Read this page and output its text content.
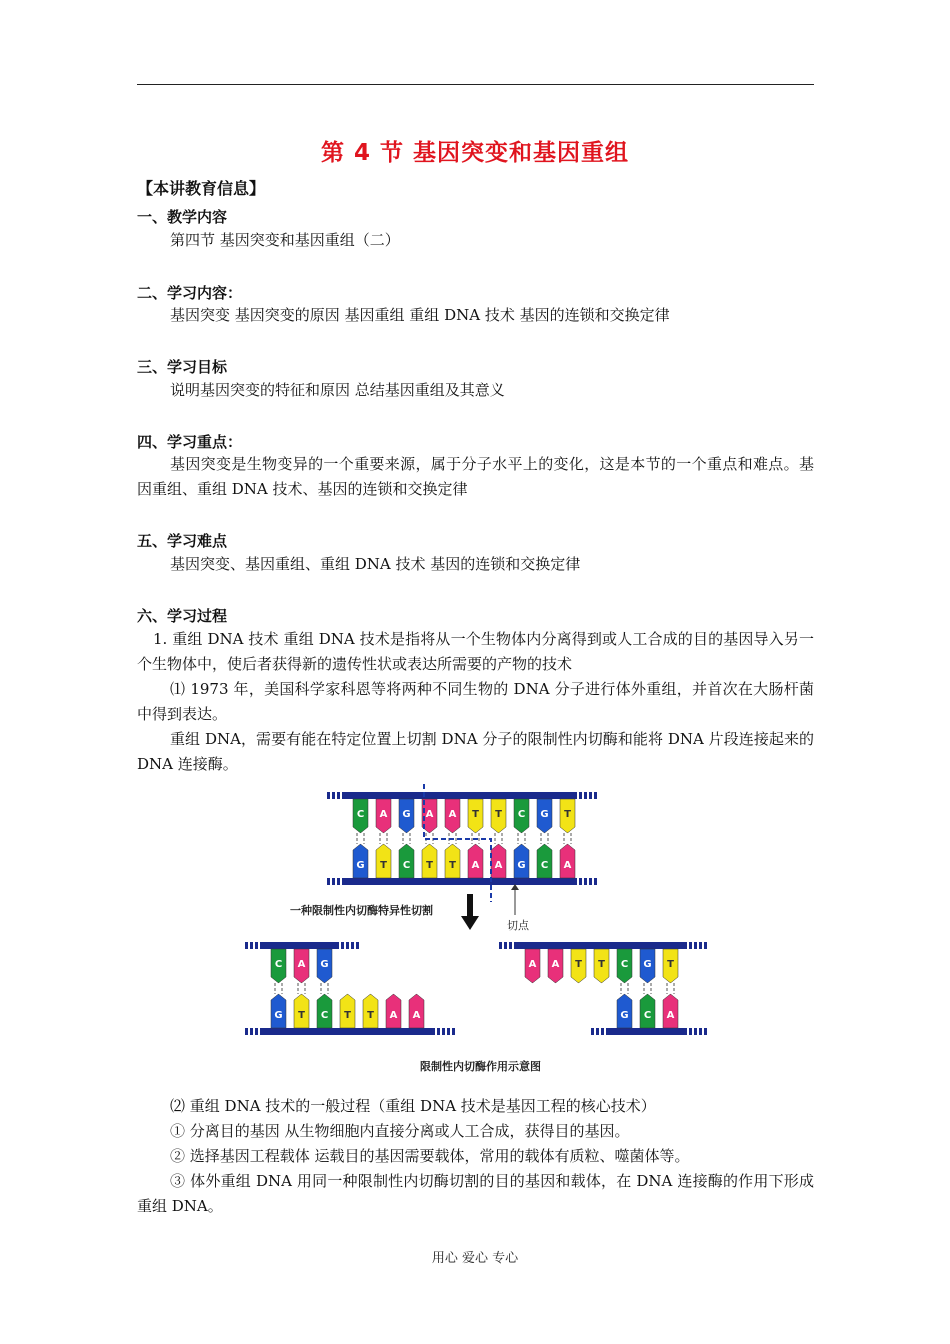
第 4 节 基因突变和基因重组
【本讲教育信息】
一、教学内容
第四节 基因突变和基因重组（二）
二、学习内容：
基因突变 基因突变的原因 基因重组 重组 DNA 技术 基因的连锁和交换定律
三、学习目标
说明基因突变的特征和原因 总结基因重组及其意义
四、学习重点：
基因突变是生物变异的一个重要来源，属于分子水平上的变化，这是本节的一个重点和难点。基因重组、重组 DNA 技术、基因的连锁和交换定律
五、学习难点
基因突变、基因重组、重组 DNA 技术 基因的连锁和交换定律
六、学习过程
1. 重组 DNA 技术 重组 DNA 技术是指将从一个生物体内分离得到或人工合成的目的基因导入另一个生物体中，使后者获得新的遗传性状或表达所需要的产物的技术
⑴ 1973 年，美国科学家科恩等将两种不同生物的 DNA 分子进行体外重组，并首次在大肠杆菌中得到表达。
重组 DNA，需要有能在特定位置上切割 DNA 分子的限制性内切酶和能将 DNA 片段连接起来的 DNA 连接酶。
C A G A A T T C G T
G T C T T A A G C A
C A G
G T C T T A A
A A T T C G T
G C A
一种限制性内切酶特异性切割
切点
限制性内切酶作用示意图
⑵ 重组 DNA 技术的一般过程（重组 DNA 技术是基因工程的核心技术）
① 分离目的基因 从生物细胞内直接分离或人工合成，获得目的基因。
② 选择基因工程载体 运载目的基因需要载体，常用的载体有质粒、噬菌体等。
③ 体外重组 DNA 用同一种限制性内切酶切割的目的基因和载体，在 DNA 连接酶的作用下形成重组 DNA。
用心 爱心 专心
